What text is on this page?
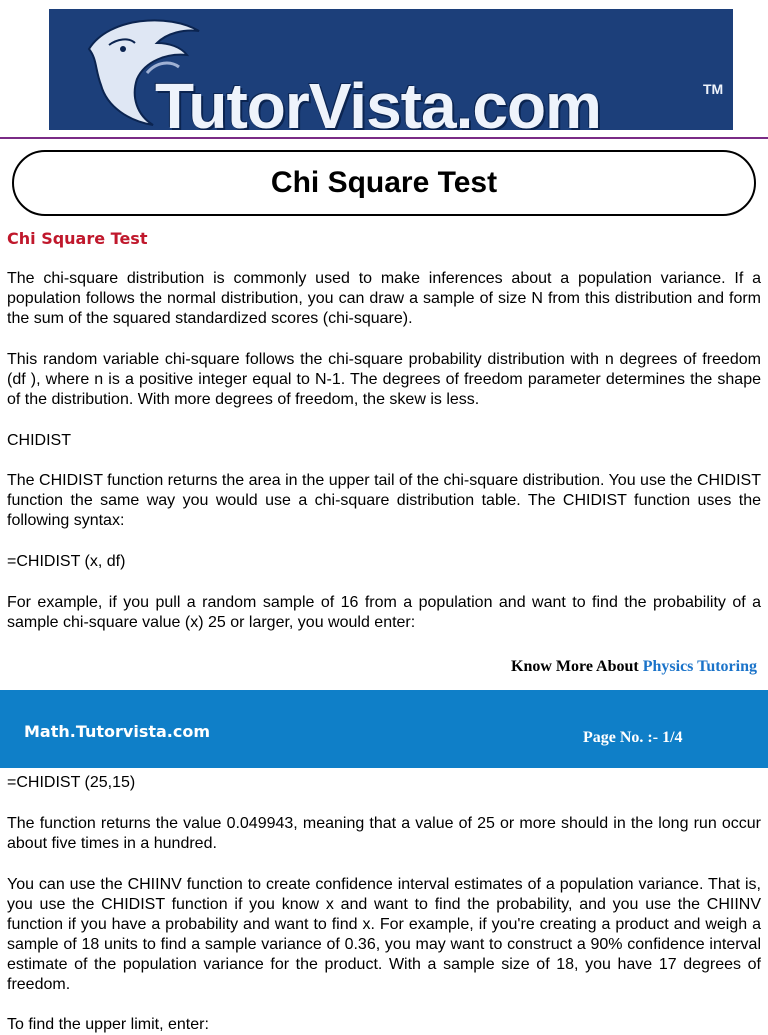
TutorVista.com	TM
Chi Square Test
Chi Square Test
The chi-square distribution is commonly used to make inferences about a population variance. If a population follows the normal distribution, you can draw a sample of size N from this distribution and form the sum of the squared standardized scores (chi-square).
This random variable chi-square follows the chi-square probability distribution with n degrees of freedom (df ), where n is a positive integer equal to N-1. The degrees of freedom parameter determines the shape of the distribution. With more degrees of freedom, the skew is less.
CHIDIST
The CHIDIST function returns the area in the upper tail of the chi-square distribution. You use the CHIDIST function the same way you would use a chi-square distribution table. The CHIDIST function uses the following syntax:
=CHIDIST (x, df)
For example, if you pull a random sample of 16 from a population and want to find the probability of a sample chi-square value (x) 25 or larger, you would enter:
Know More About Physics Tutoring
Math.Tutorvista.com	Page No. :- 1/4
=CHIDIST (25,15)
The function returns the value 0.049943, meaning that a value of 25 or more should in the long run occur about five times in a hundred.
You can use the CHIINV function to create confidence interval estimates of a population variance. That is, you use the CHIDIST function if you know x and want to find the probability, and you use the CHIINV function if you have a probability and want to find x. For example, if you're creating a product and weigh a sample of 18 units to find a sample variance of 0.36, you may want to construct a 90% confidence interval estimate of the population variance for the product. With a sample size of 18, you have 17 degrees of freedom.
To find the upper limit, enter:
